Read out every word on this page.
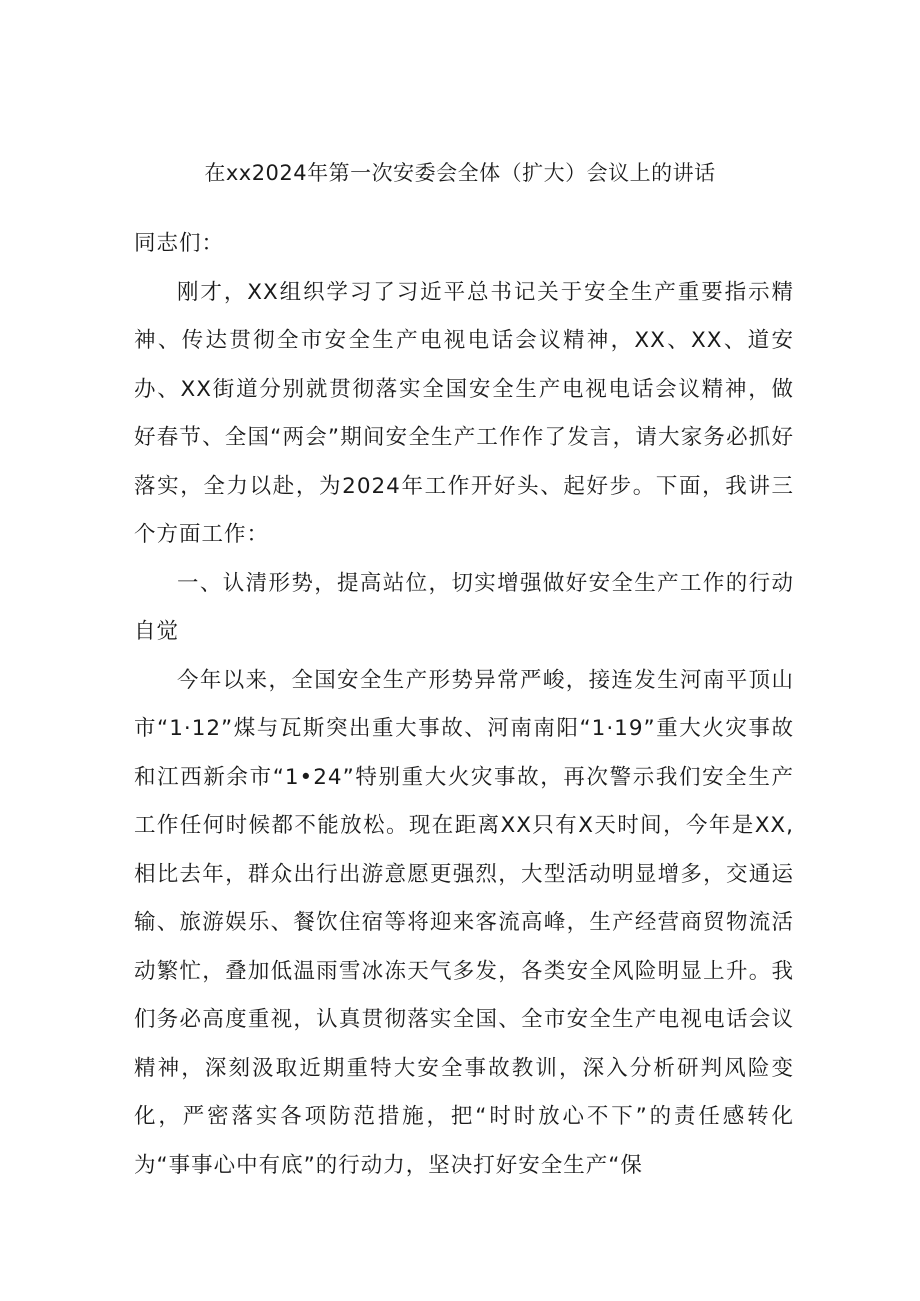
在xx2024年第一次安委会全体（扩大）会议上的讲话

同志们：

刚才，XX组织学习了习近平总书记关于安全生产重要指示精神、传达贯彻全市安全生产电视电话会议精神，XX、XX、道安办、XX街道分别就贯彻落实全国安全生产电视电话会议精神，做好春节、全国“两会”期间安全生产工作作了发言，请大家务必抓好落实，全力以赴，为2024年工作开好头、起好步。下面，我讲三个方面工作：

一、认清形势，提高站位，切实增强做好安全生产工作的行动自觉

今年以来，全国安全生产形势异常严峻，接连发生河南平顶山市“1·12”煤与瓦斯突出重大事故、河南南阳“1·19”重大火灾事故和江西新余市“1•24”特别重大火灾事故，再次警示我们安全生产工作任何时候都不能放松。现在距离XX只有X天时间，今年是XX,相比去年，群众出行出游意愿更强烈，大型活动明显增多，交通运输、旅游娱乐、餐饮住宿等将迎来客流高峰，生产经营商贸物流活动繁忙，叠加低温雨雪冰冻天气多发，各类安全风险明显上升。我们务必高度重视，认真贯彻落实全国、全市安全生产电视电话会议精神，深刻汲取近期重特大安全事故教训，深入分析研判风险变化，严密落实各项防范措施，把“时时放心不下”的责任感转化为“事事心中有底”的行动力，坚决打好安全生产“保
